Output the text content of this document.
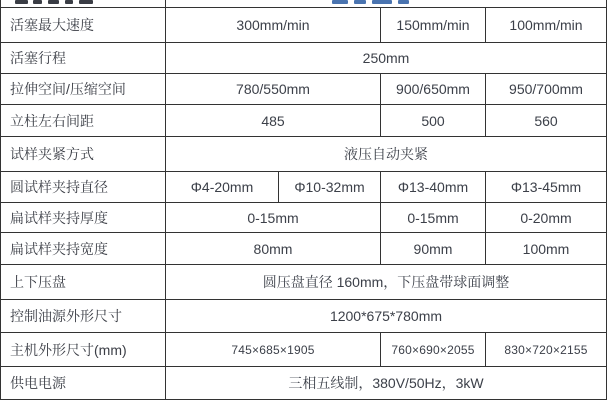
活塞最大速度	300mm/min	150mm/min	100mm/min
活塞行程	250mm
拉伸空间/压缩空间	780/550mm	900/650mm	950/700mm
立柱左右间距	485	500	560
试样夹紧方式	液压自动夹紧
圆试样夹持直径	Φ4-20mm	Φ10-32mm	Φ13-40mm	Φ13-45mm
扁试样夹持厚度	0-15mm	0-15mm	0-20mm
扁试样夹持宽度	80mm	90mm	100mm
上下压盘	圆压盘直径 160mm，下压盘带球面调整
控制油源外形尺寸	1200*675*780mm
主机外形尺寸(mm)	745×685×1905	760×690×2055	830×720×2155
供电电源	三相五线制，380V/50Hz，3kW
